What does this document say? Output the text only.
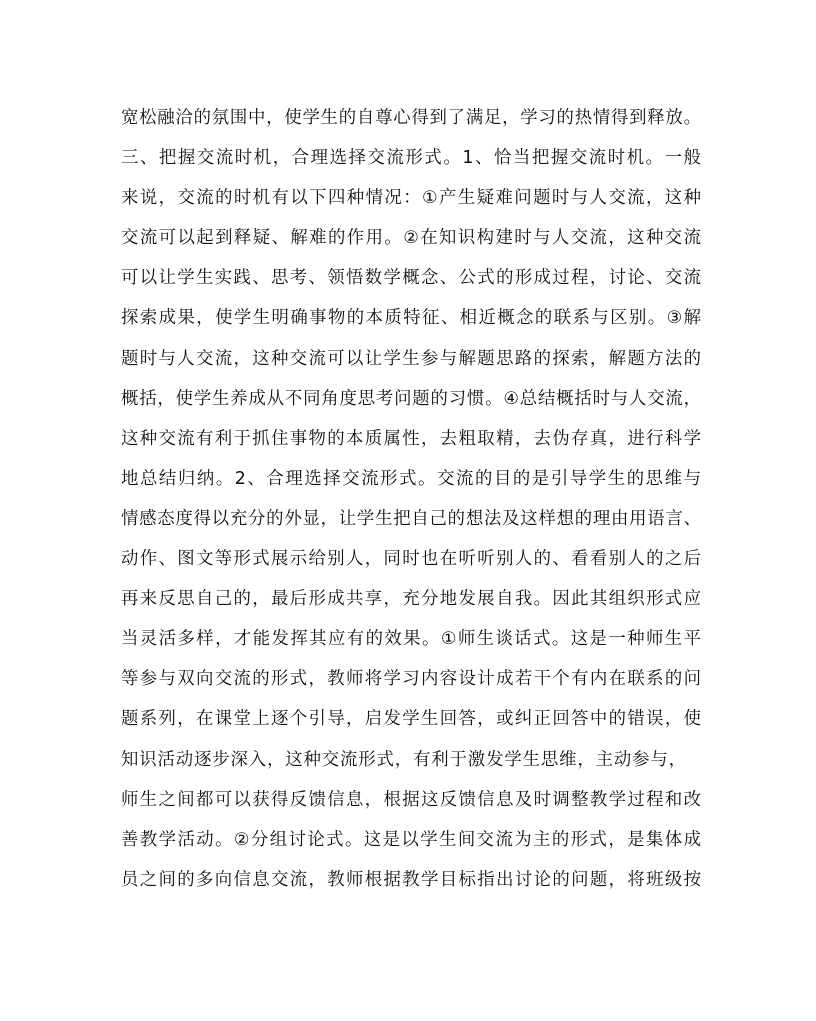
宽松融洽的氛围中，使学生的自尊心得到了满足，学习的热情得到释放。
三、把握交流时机，合理选择交流形式。1、恰当把握交流时机。一般
来说，交流的时机有以下四种情况：①产生疑难问题时与人交流，这种
交流可以起到释疑、解难的作用。②在知识构建时与人交流，这种交流
可以让学生实践、思考、领悟数学概念、公式的形成过程，讨论、交流
探索成果，使学生明确事物的本质特征、相近概念的联系与区别。③解
题时与人交流，这种交流可以让学生参与解题思路的探索，解题方法的
概括，使学生养成从不同角度思考问题的习惯。④总结概括时与人交流，
这种交流有利于抓住事物的本质属性，去粗取精，去伪存真，进行科学
地总结归纳。2、合理选择交流形式。交流的目的是引导学生的思维与
情感态度得以充分的外显，让学生把自己的想法及这样想的理由用语言、
动作、图文等形式展示给别人，同时也在听听别人的、看看别人的之后
再来反思自己的，最后形成共享，充分地发展自我。因此其组织形式应
当灵活多样，才能发挥其应有的效果。①师生谈话式。这是一种师生平
等参与双向交流的形式，教师将学习内容设计成若干个有内在联系的问
题系列，在课堂上逐个引导，启发学生回答，或纠正回答中的错误，使
知识活动逐步深入，这种交流形式，有利于激发学生思维，主动参与，
师生之间都可以获得反馈信息，根据这反馈信息及时调整教学过程和改
善教学活动。②分组讨论式。这是以学生间交流为主的形式，是集体成
员之间的多向信息交流，教师根据教学目标指出讨论的问题，将班级按
